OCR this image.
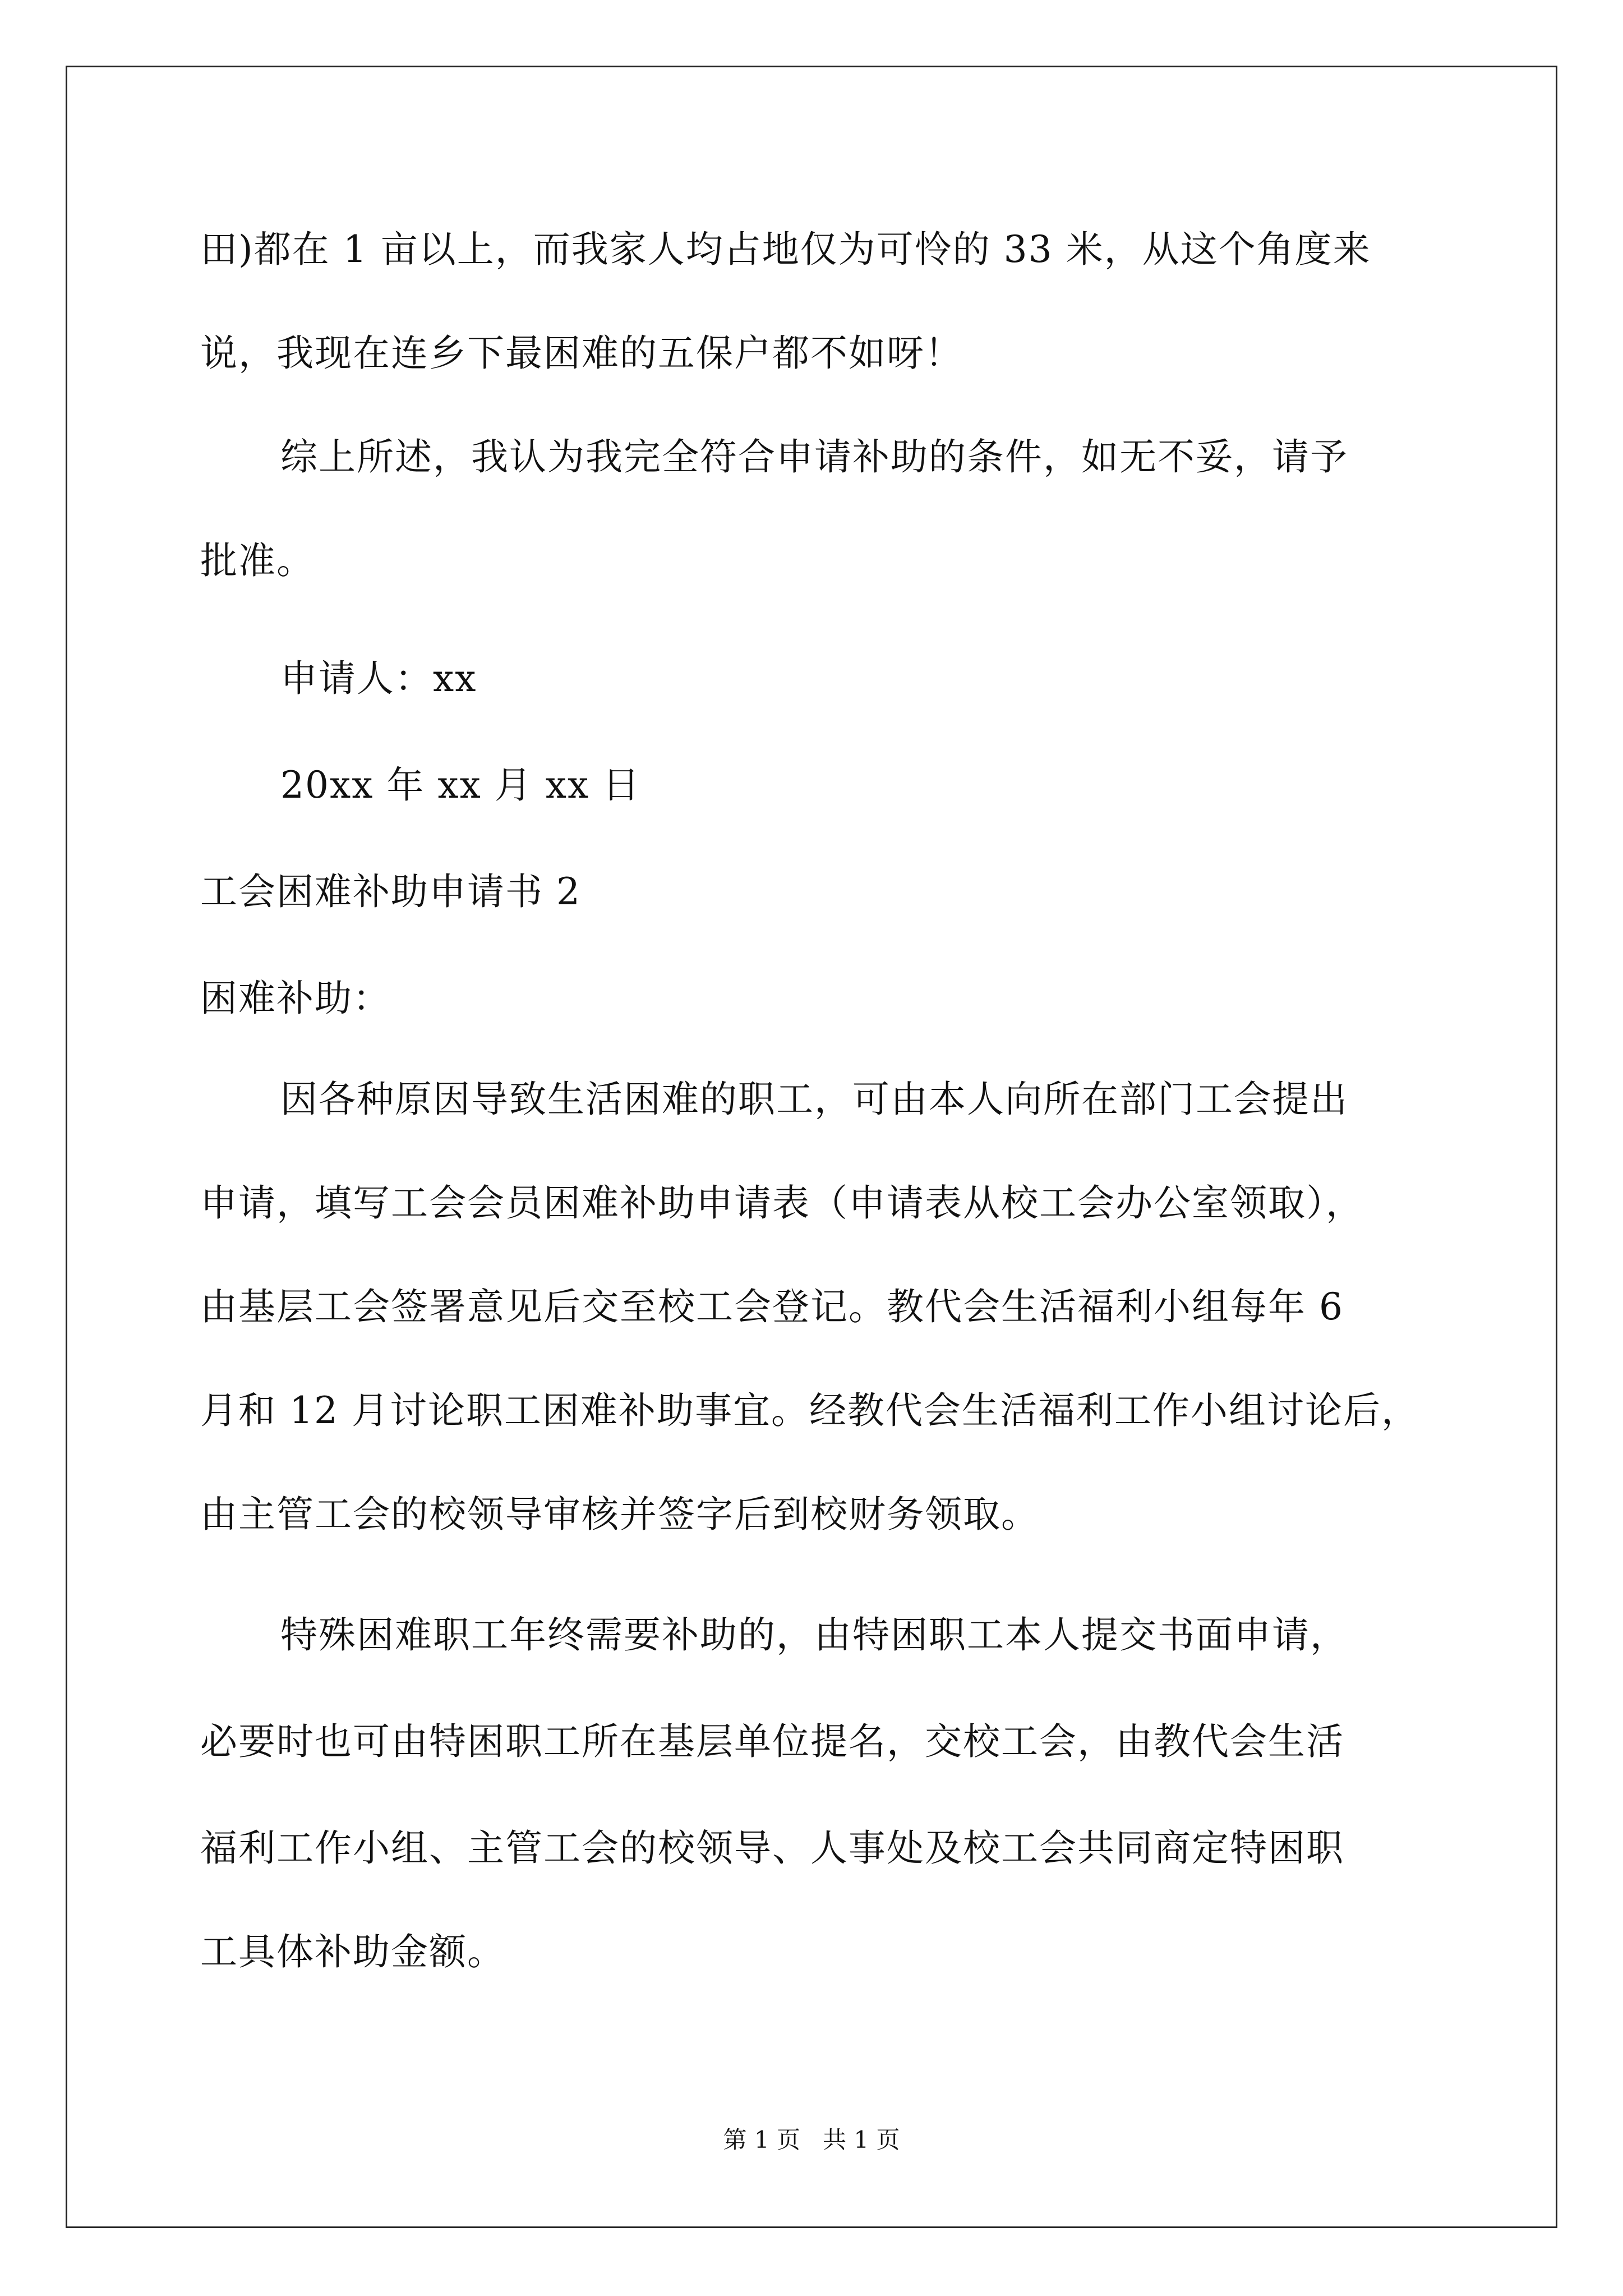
田)都在 1 亩以上，而我家人均占地仅为可怜的 33 米，从这个角度来
说，我现在连乡下最困难的五保户都不如呀！
综上所述，我认为我完全符合申请补助的条件，如无不妥，请予
批准。
申请人：xx
20xx 年 xx 月 xx 日
工会困难补助申请书 2
困难补助：
因各种原因导致生活困难的职工，可由本人向所在部门工会提出
申请，填写工会会员困难补助申请表（申请表从校工会办公室领取），
由基层工会签署意见后交至校工会登记。教代会生活福利小组每年 6
月和 12 月讨论职工困难补助事宜。经教代会生活福利工作小组讨论后，
由主管工会的校领导审核并签字后到校财务领取。
特殊困难职工年终需要补助的，由特困职工本人提交书面申请，
必要时也可由特困职工所在基层单位提名，交校工会，由教代会生活
福利工作小组、主管工会的校领导、人事处及校工会共同商定特困职
工具体补助金额。
第 1 页   共 1 页
